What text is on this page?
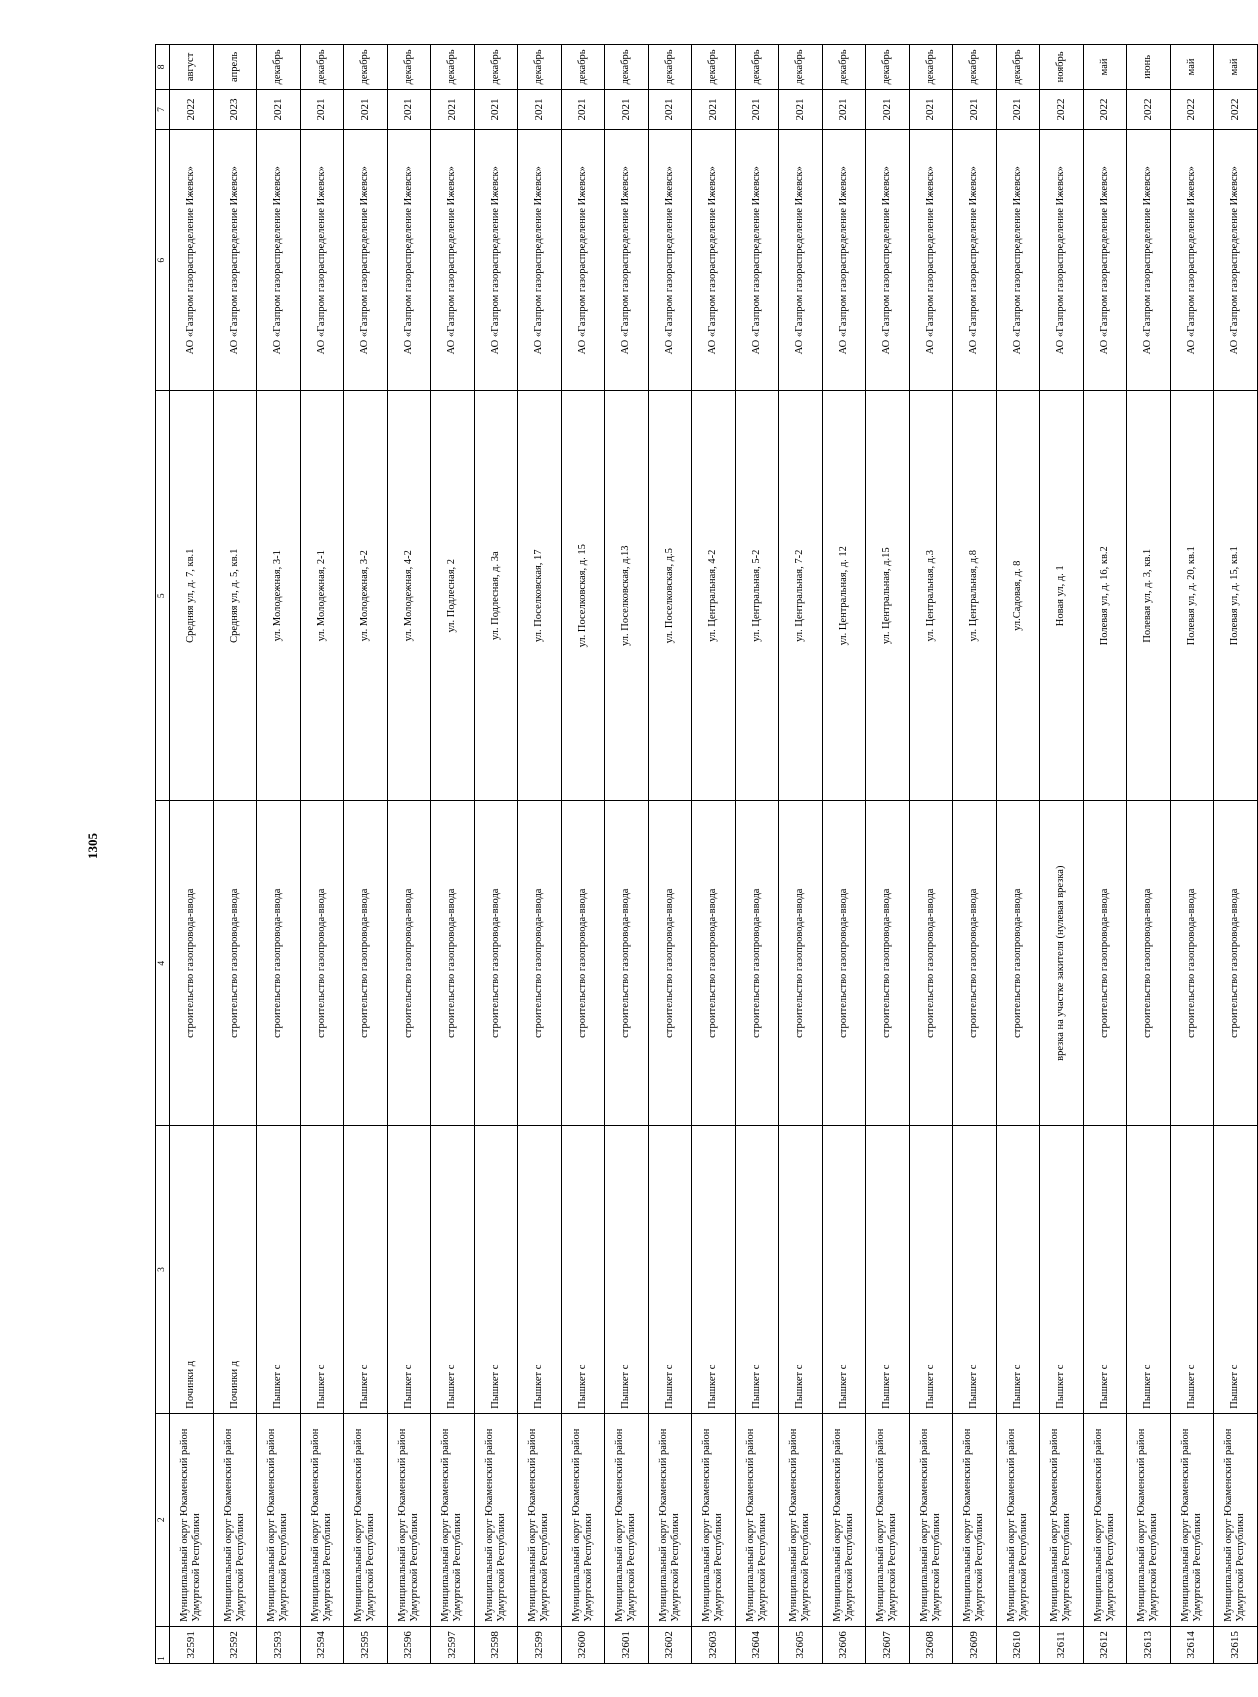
1305
1	2	3	4	5	6	7	8
32591	Муниципальный округ Юкаменский район Удмуртской Республики	Починки д	строительство газопровода-ввода	Средняя ул, д. 7, кв.1	АО «Газпром газораспределение Ижевск»	2022	август
32592	Муниципальный округ Юкаменский район Удмуртской Республики	Починки д	строительство газопровода-ввода	Средняя ул, д. 5, кв.1	АО «Газпром газораспределение Ижевск»	2023	апрель
32593	Муниципальный округ Юкаменский район Удмуртской Республики	Пышкет с	строительство газопровода-ввода	ул. Молодежная, 3-1	АО «Газпром газораспределение Ижевск»	2021	декабрь
32594	Муниципальный округ Юкаменский район Удмуртской Республики	Пышкет с	строительство газопровода-ввода	ул. Молодежная, 2-1	АО «Газпром газораспределение Ижевск»	2021	декабрь
32595	Муниципальный округ Юкаменский район Удмуртской Республики	Пышкет с	строительство газопровода-ввода	ул. Молодежная, 3-2	АО «Газпром газораспределение Ижевск»	2021	декабрь
32596	Муниципальный округ Юкаменский район Удмуртской Республики	Пышкет с	строительство газопровода-ввода	ул. Молодежная, 4-2	АО «Газпром газораспределение Ижевск»	2021	декабрь
32597	Муниципальный округ Юкаменский район Удмуртской Республики	Пышкет с	строительство газопровода-ввода	ул. Подлесная, 2	АО «Газпром газораспределение Ижевск»	2021	декабрь
32598	Муниципальный округ Юкаменский район Удмуртской Республики	Пышкет с	строительство газопровода-ввода	ул. Подлесная, д. 3а	АО «Газпром газораспределение Ижевск»	2021	декабрь
32599	Муниципальный округ Юкаменский район Удмуртской Республики	Пышкет с	строительство газопровода-ввода	ул. Поселковская, 17	АО «Газпром газораспределение Ижевск»	2021	декабрь
32600	Муниципальный округ Юкаменский район Удмуртской Республики	Пышкет с	строительство газопровода-ввода	ул. Поселковская, д. 15	АО «Газпром газораспределение Ижевск»	2021	декабрь
32601	Муниципальный округ Юкаменский район Удмуртской Республики	Пышкет с	строительство газопровода-ввода	ул. Поселковская, д.13	АО «Газпром газораспределение Ижевск»	2021	декабрь
32602	Муниципальный округ Юкаменский район Удмуртской Республики	Пышкет с	строительство газопровода-ввода	ул. Поселковская, д.5	АО «Газпром газораспределение Ижевск»	2021	декабрь
32603	Муниципальный округ Юкаменский район Удмуртской Республики	Пышкет с	строительство газопровода-ввода	ул. Центральная, 4-2	АО «Газпром газораспределение Ижевск»	2021	декабрь
32604	Муниципальный округ Юкаменский район Удмуртской Республики	Пышкет с	строительство газопровода-ввода	ул. Центральная, 5-2	АО «Газпром газораспределение Ижевск»	2021	декабрь
32605	Муниципальный округ Юкаменский район Удмуртской Республики	Пышкет с	строительство газопровода-ввода	ул. Центральная, 7-2	АО «Газпром газораспределение Ижевск»	2021	декабрь
32606	Муниципальный округ Юкаменский район Удмуртской Республики	Пышкет с	строительство газопровода-ввода	ул. Центральная, д. 12	АО «Газпром газораспределение Ижевск»	2021	декабрь
32607	Муниципальный округ Юкаменский район Удмуртской Республики	Пышкет с	строительство газопровода-ввода	ул. Центральная, д.15	АО «Газпром газораспределение Ижевск»	2021	декабрь
32608	Муниципальный округ Юкаменский район Удмуртской Республики	Пышкет с	строительство газопровода-ввода	ул. Центральная, д.3	АО «Газпром газораспределение Ижевск»	2021	декабрь
32609	Муниципальный округ Юкаменский район Удмуртской Республики	Пышкет с	строительство газопровода-ввода	ул. Центральная, д.8	АО «Газпром газораспределение Ижевск»	2021	декабрь
32610	Муниципальный округ Юкаменский район Удмуртской Республики	Пышкет с	строительство газопровода-ввода	ул.Садовая, д. 8	АО «Газпром газораспределение Ижевск»	2021	декабрь
32611	Муниципальный округ Юкаменский район Удмуртской Республики	Пышкет с	врезка на участке закителя (нулевая врезка)	Новая ул, д. 1	АО «Газпром газораспределение Ижевск»	2022	ноябрь
32612	Муниципальный округ Юкаменский район Удмуртской Республики	Пышкет с	строительство газопровода-ввода	Полевая ул, д. 16, кв.2	АО «Газпром газораспределение Ижевск»	2022	май
32613	Муниципальный округ Юкаменский район Удмуртской Республики	Пышкет с	строительство газопровода-ввода	Полевая ул, д. 3, кв.1	АО «Газпром газораспределение Ижевск»	2022	июнь
32614	Муниципальный округ Юкаменский район Удмуртской Республики	Пышкет с	строительство газопровода-ввода	Полевая ул, д. 20, кв.1	АО «Газпром газораспределение Ижевск»	2022	май
32615	Муниципальный округ Юкаменский район Удмуртской Республики	Пышкет с	строительство газопровода-ввода	Полевая ул, д. 15, кв.1	АО «Газпром газораспределение Ижевск»	2022	май
